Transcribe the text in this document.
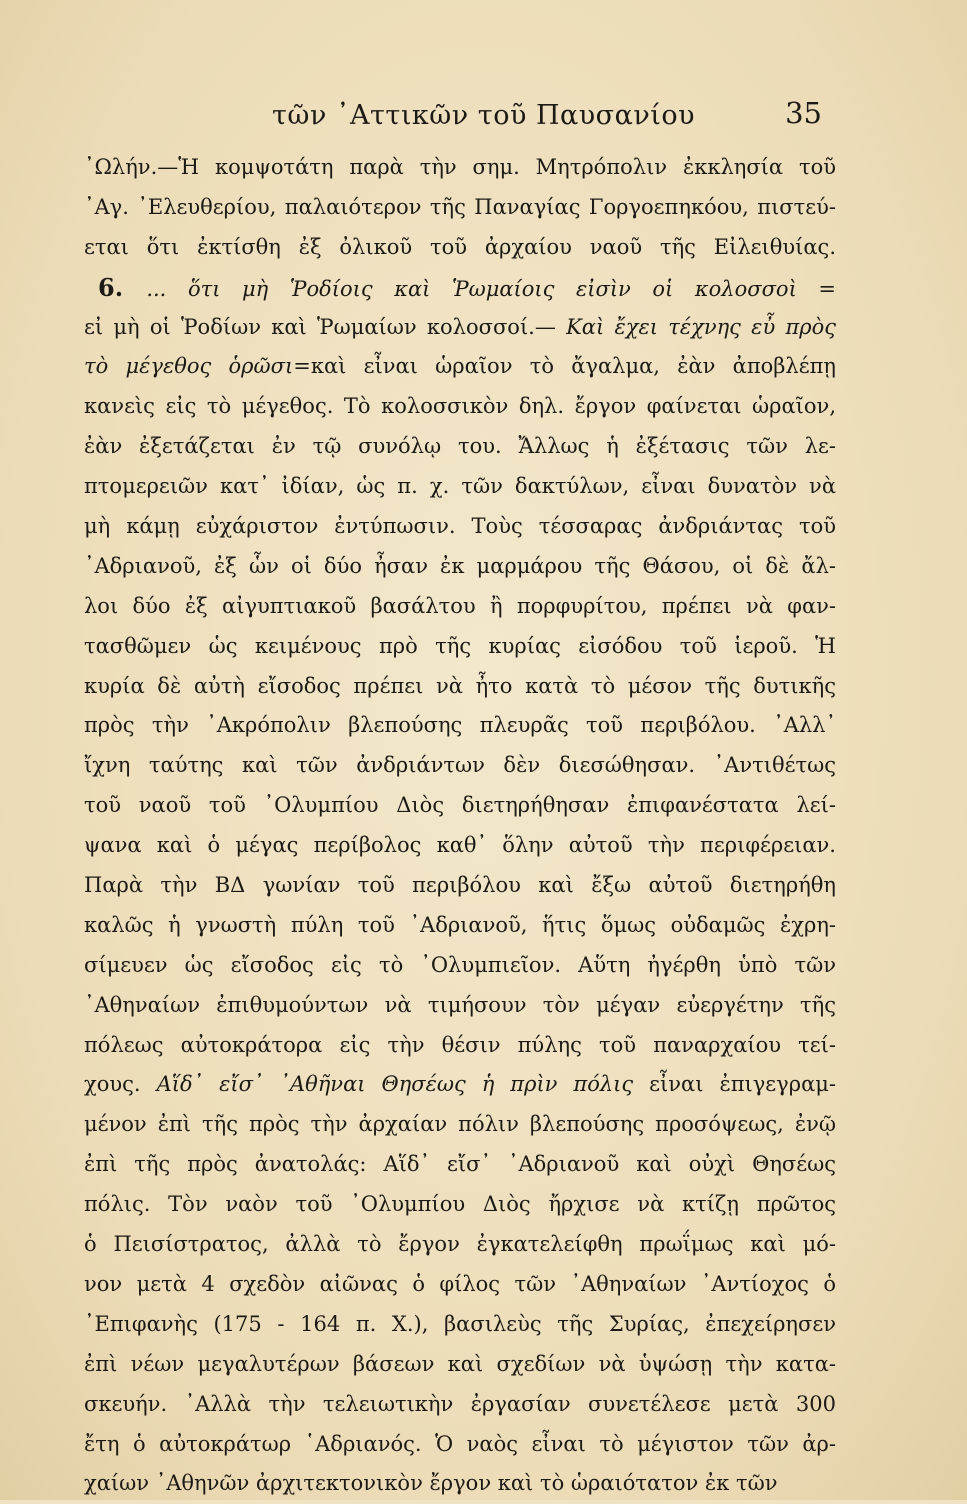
τῶν ᾿Αττικῶν τοῦ Παυσανίου	35
᾿Ωλήν.—Ἡ κομψοτάτη παρὰ τὴν σημ. Μητρόπολιν ἐκκλησία τοῦ
᾿Αγ. ᾿Ελευθερίου, παλαιότερον τῆς Παναγίας Γοργοεπηκόου, πιστεύ-
εται ὅτι ἐκτίσθη ἐξ ὀλικοῦ τοῦ ἀρχαίου ναοῦ τῆς Εἰλειθυίας.
6. ... ὅτι μὴ Ῥοδίοις καὶ Ῥωμαίοις εἰσὶν οἱ κολοσσοὶ =
εἰ μὴ οἱ Ῥοδίων καὶ Ῥωμαίων κολοσσοί.— Καὶ ἔχει τέχνης εὖ πρὸς
τὸ μέγεθος ὁρῶσι=καὶ εἶναι ὡραῖον τὸ ἄγαλμα, ἐὰν ἀποβλέπῃ
κανεὶς εἰς τὸ μέγεθος. Τὸ κολοσσικὸν δηλ. ἔργον φαίνεται ὡραῖον,
ἐὰν ἐξετάζεται ἐν τῷ συνόλῳ του. Ἄλλως ἡ ἐξέτασις τῶν λε-
πτομερειῶν κατ᾿ ἰδίαν, ὡς π. χ. τῶν δακτύλων, εἶναι δυνατὸν νὰ
μὴ κάμῃ εὐχάριστον ἐντύπωσιν. Τοὺς τέσσαρας ἀνδριάντας τοῦ
᾿Αδριανοῦ, ἐξ ὧν οἱ δύο ἦσαν ἐκ μαρμάρου τῆς Θάσου, οἱ δὲ ἄλ-
λοι δύο ἐξ αἰγυπτιακοῦ βασάλτου ἢ πορφυρίτου, πρέπει νὰ φαν-
τασθῶμεν ὡς κειμένους πρὸ τῆς κυρίας εἰσόδου τοῦ ἱεροῦ. Ἡ
κυρία δὲ αὐτὴ εἴσοδος πρέπει νὰ ἦτο κατὰ τὸ μέσον τῆς δυτικῆς
πρὸς τὴν ᾿Ακρόπολιν βλεπούσης πλευρᾶς τοῦ περιβόλου. ᾿Αλλ᾿
ἴχνη ταύτης καὶ τῶν ἀνδριάντων δὲν διεσώθησαν. ᾿Αντιθέτως
τοῦ ναοῦ τοῦ ᾿Ολυμπίου Διὸς διετηρήθησαν ἐπιφανέστατα λεί-
ψανα καὶ ὁ μέγας περίβολος καθ᾿ ὅλην αὐτοῦ τὴν περιφέρειαν.
Παρὰ τὴν ΒΔ γωνίαν τοῦ περιβόλου καὶ ἔξω αὐτοῦ διετηρήθη
καλῶς ἡ γνωστὴ πύλη τοῦ ᾿Αδριανοῦ, ἥτις ὅμως οὐδαμῶς ἐχρη-
σίμευεν ὡς εἴσοδος εἰς τὸ ᾿Ολυμπιεῖον. Αὕτη ἠγέρθη ὑπὸ τῶν
᾿Αθηναίων ἐπιθυμούντων νὰ τιμήσουν τὸν μέγαν εὐεργέτην τῆς
πόλεως αὐτοκράτορα εἰς τὴν θέσιν πύλης τοῦ παναρχαίου τεί-
χους. Αἵδ᾿ εἴσ᾿ ᾿Αθῆναι Θησέως ἡ πρὶν πόλις εἶναι ἐπιγεγραμ-
μένον ἐπὶ τῆς πρὸς τὴν ἀρχαίαν πόλιν βλεπούσης προσόψεως, ἐνῷ
ἐπὶ τῆς πρὸς ἀνατολάς: Αἵδ᾿ εἴσ᾿ ᾿Αδριανοῦ καὶ οὐχὶ Θησέως
πόλις. Τὸν ναὸν τοῦ ᾿Ολυμπίου Διὸς ἤρχισε νὰ κτίζῃ πρῶτος
ὁ Πεισίστρατος, ἀλλὰ τὸ ἔργον ἐγκατελείφθη πρωΐμως καὶ μό-
νον μετὰ 4 σχεδὸν αἰῶνας ὁ φίλος τῶν ᾿Αθηναίων ᾿Αντίοχος ὁ
᾿Επιφανὴς (175 - 164 π. Χ.), βασιλεὺς τῆς Συρίας, ἐπεχείρησεν
ἐπὶ νέων μεγαλυτέρων βάσεων καὶ σχεδίων νὰ ὑψώσῃ τὴν κατα-
σκευήν. ᾿Αλλὰ τὴν τελειωτικὴν ἐργασίαν συνετέλεσε μετὰ 300
ἔτη ὁ αὐτοκράτωρ ῾Αδριανός. Ὁ ναὸς εἶναι τὸ μέγιστον τῶν ἀρ-
χαίων ᾿Αθηνῶν ἀρχιτεκτονικὸν ἔργον καὶ τὸ ὡραιότατον ἐκ τῶν
